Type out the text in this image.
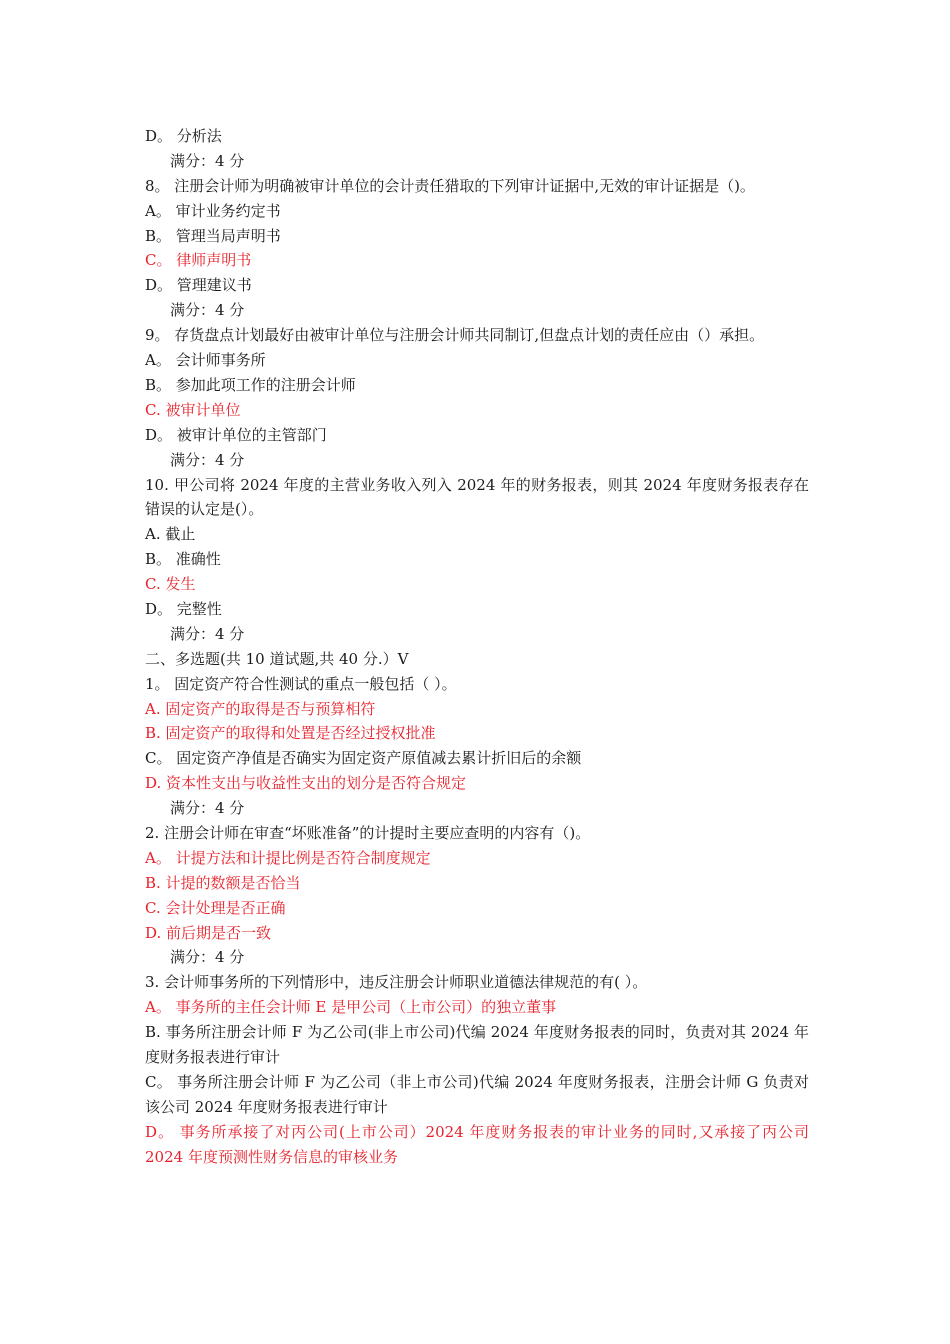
D。 分析法
满分：4 分
8。 注册会计师为明确被审计单位的会计责任猎取的下列审计证据中,无效的审计证据是（)。
A。 审计业务约定书
B。 管理当局声明书
C。 律师声明书
D。 管理建议书
满分：4 分
9。 存货盘点计划最好由被审计单位与注册会计师共同制订,但盘点计划的责任应由（）承担。
A。 会计师事务所
B。 参加此项工作的注册会计师
C. 被审计单位
D。 被审计单位的主管部门
满分：4 分
10. 甲公司将 2024 年度的主营业务收入列入 2024 年的财务报表，则其 2024 年度财务报表存在错误的认定是(）。
A. 截止
B。 准确性
C. 发生
D。 完整性
满分：4 分
二、多选题(共 10 道试题,共 40 分.）V
1。 固定资产符合性测试的重点一般包括（ ）。
A. 固定资产的取得是否与预算相符
B. 固定资产的取得和处置是否经过授权批准
C。 固定资产净值是否确实为固定资产原值减去累计折旧后的余额
D. 资本性支出与收益性支出的划分是否符合规定
满分：4 分
2. 注册会计师在审查“坏账准备”的计提时主要应查明的内容有（)。
A。 计提方法和计提比例是否符合制度规定
B. 计提的数额是否恰当
C. 会计处理是否正确
D. 前后期是否一致
满分：4 分
3. 会计师事务所的下列情形中，违反注册会计师职业道德法律规范的有( ）。
A。 事务所的主任会计师 E 是甲公司（上市公司）的独立董事
B. 事务所注册会计师 F 为乙公司(非上市公司)代编 2024 年度财务报表的同时，负责对其 2024 年度财务报表进行审计
C。 事务所注册会计师 F 为乙公司（非上市公司)代编 2024 年度财务报表，注册会计师 G 负责对该公司 2024 年度财务报表进行审计
D。 事务所承接了对丙公司(上市公司）2024 年度财务报表的审计业务的同时,又承接了丙公司 2024 年度预测性财务信息的审核业务
